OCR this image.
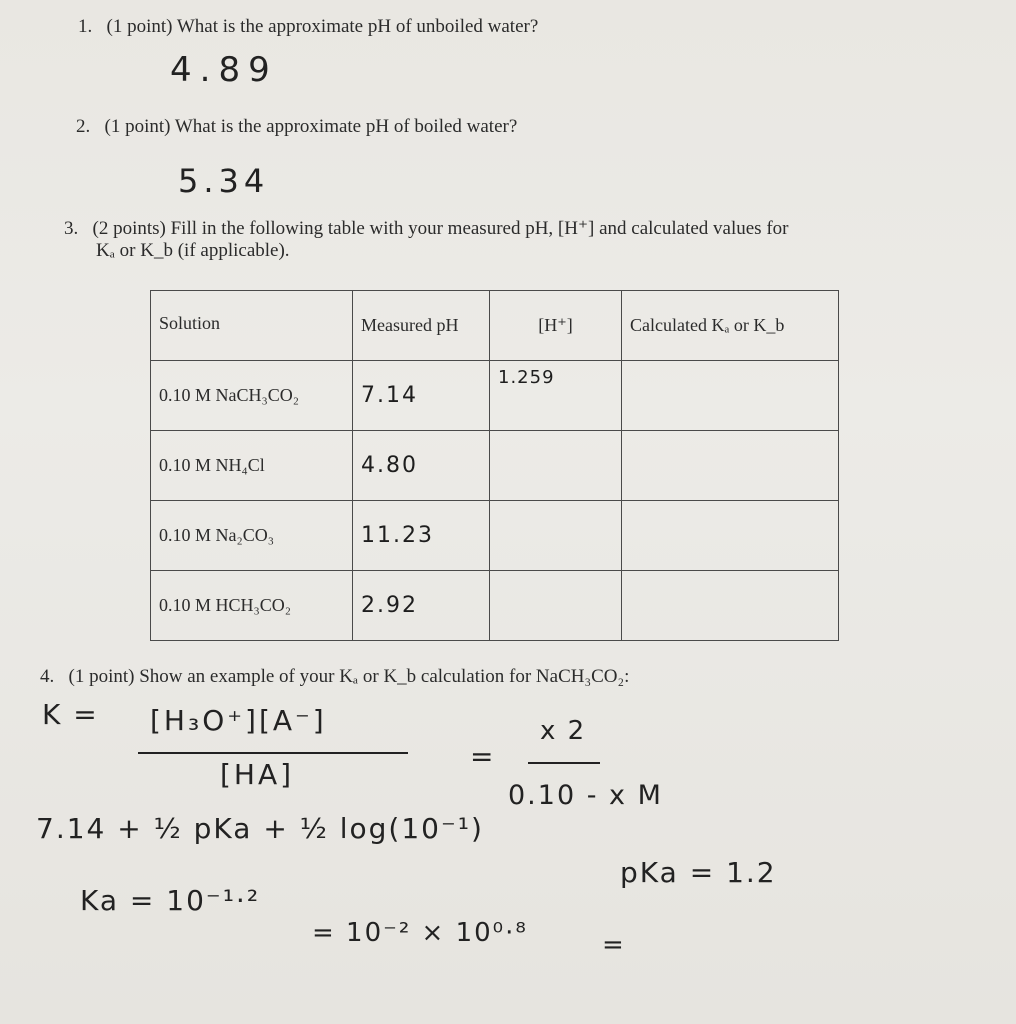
1. (1 point) What is the approximate pH of unboiled water?
4.89
2. (1 point) What is the approximate pH of boiled water?
5.34
3. (2 points) Fill in the following table with your measured pH, [H⁺] and calculated values for
Kₐ or K_b (if applicable).
Solution	Measured pH	[H⁺]	Calculated Kₐ or K_b
0.10 M NaCH₃CO₂	7.14	1.259	
0.10 M NH₄Cl	4.80		
0.10 M Na₂CO₃	11.23		
0.10 M HCH₃CO₂	2.92		
4. (1 point) Show an example of your Kₐ or K_b calculation for NaCH₃CO₂:
K = [H₃O⁺][A⁻]
[HA]
=
x 2
0.10 - x M
7.14 + ½ pKa + ½ log(10⁻¹)
pKa = 1.2
Ka = 10⁻¹·²
= 10⁻² × 10⁰·⁸	=
